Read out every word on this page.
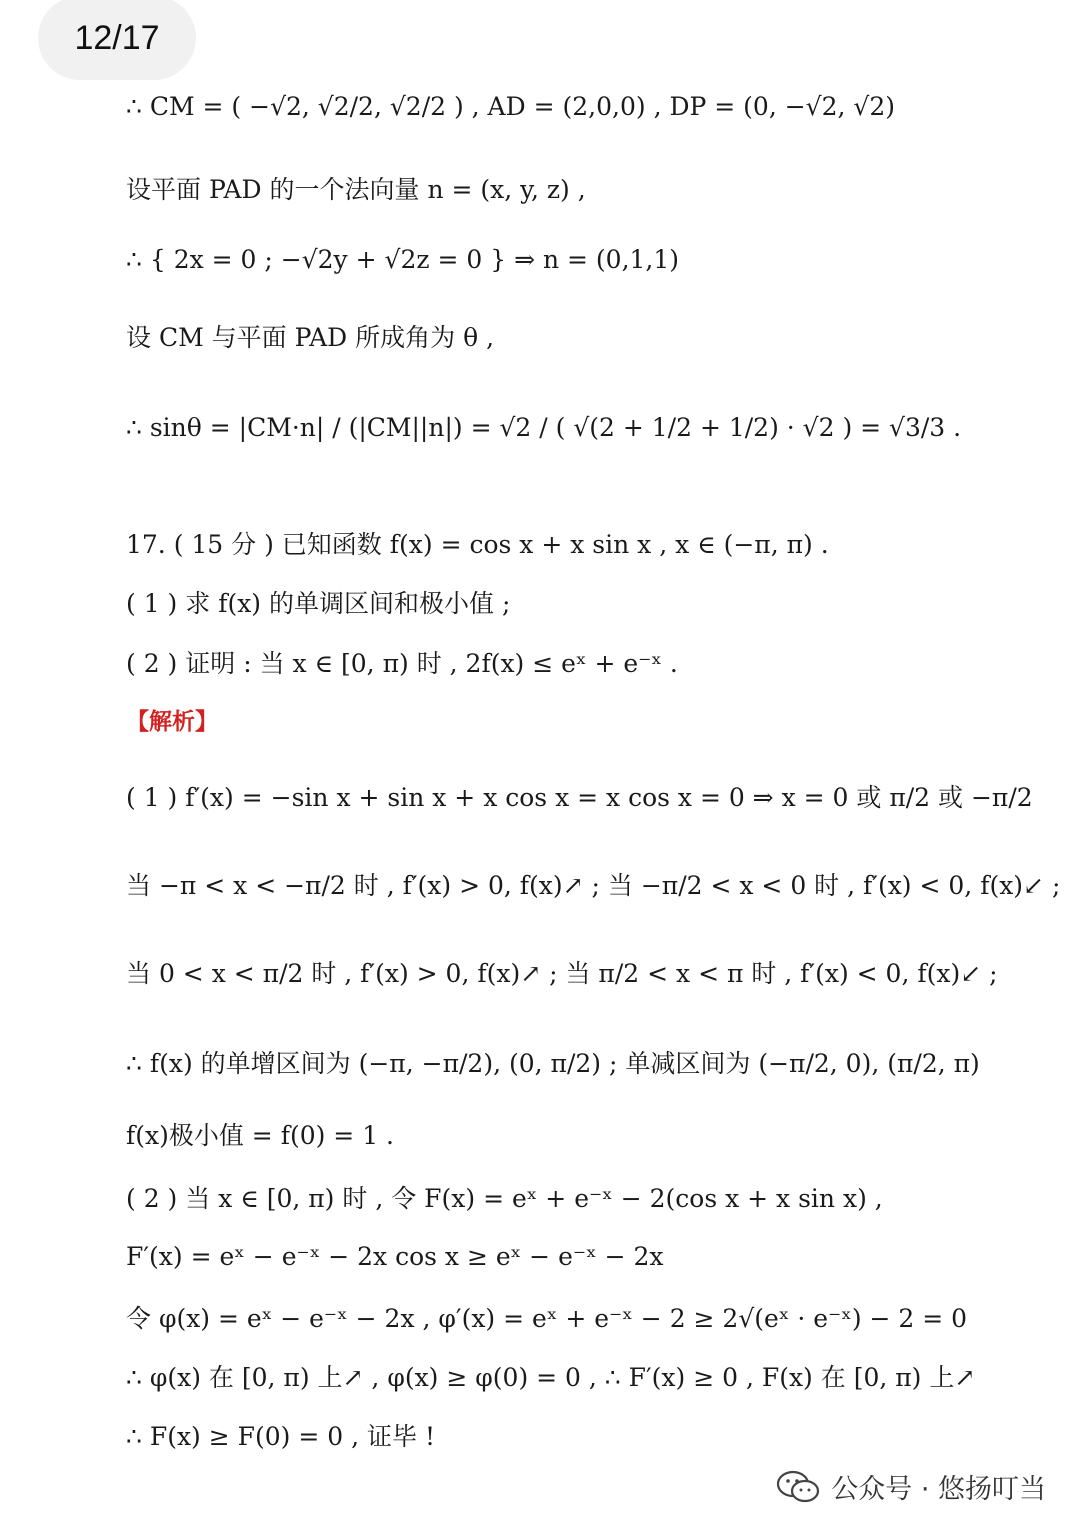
12/17
∴ CM = ( −√2, √2/2, √2/2 ) , AD = (2,0,0) , DP = (0, −√2, √2)
设平面 PAD 的一个法向量 n = (x, y, z) ,
∴ { 2x = 0 ; −√2y + √2z = 0 } ⇒ n = (0,1,1)
设 CM 与平面 PAD 所成角为 θ ,
∴ sinθ = |CM·n| / (|CM||n|) = √2 / ( √(2 + 1/2 + 1/2) · √2 ) = √3/3 .
17. ( 15 分 ) 已知函数 f(x) = cos x + x sin x , x ∈ (−π, π) .
( 1 ) 求 f(x) 的单调区间和极小值 ;
( 2 ) 证明 : 当 x ∈ [0, π) 时 , 2f(x) ≤ eˣ + e⁻ˣ .
【解析】
( 1 ) f′(x) = −sin x + sin x + x cos x = x cos x = 0 ⇒ x = 0 或 π/2 或 −π/2
当 −π < x < −π/2 时 , f′(x) > 0, f(x)↗ ; 当 −π/2 < x < 0 时 , f′(x) < 0, f(x)↙ ;
当 0 < x < π/2 时 , f′(x) > 0, f(x)↗ ; 当 π/2 < x < π 时 , f′(x) < 0, f(x)↙ ;
∴ f(x) 的单增区间为 (−π, −π/2), (0, π/2) ; 单减区间为 (−π/2, 0), (π/2, π)
f(x)极小值 = f(0) = 1 .
( 2 ) 当 x ∈ [0, π) 时 , 令 F(x) = eˣ + e⁻ˣ − 2(cos x + x sin x) ,
F′(x) = eˣ − e⁻ˣ − 2x cos x ≥ eˣ − e⁻ˣ − 2x
令 φ(x) = eˣ − e⁻ˣ − 2x , φ′(x) = eˣ + e⁻ˣ − 2 ≥ 2√(eˣ · e⁻ˣ) − 2 = 0
∴ φ(x) 在 [0, π) 上↗ , φ(x) ≥ φ(0) = 0 , ∴ F′(x) ≥ 0 , F(x) 在 [0, π) 上↗
∴ F(x) ≥ F(0) = 0 , 证毕 !
公众号 · 悠扬叮当
